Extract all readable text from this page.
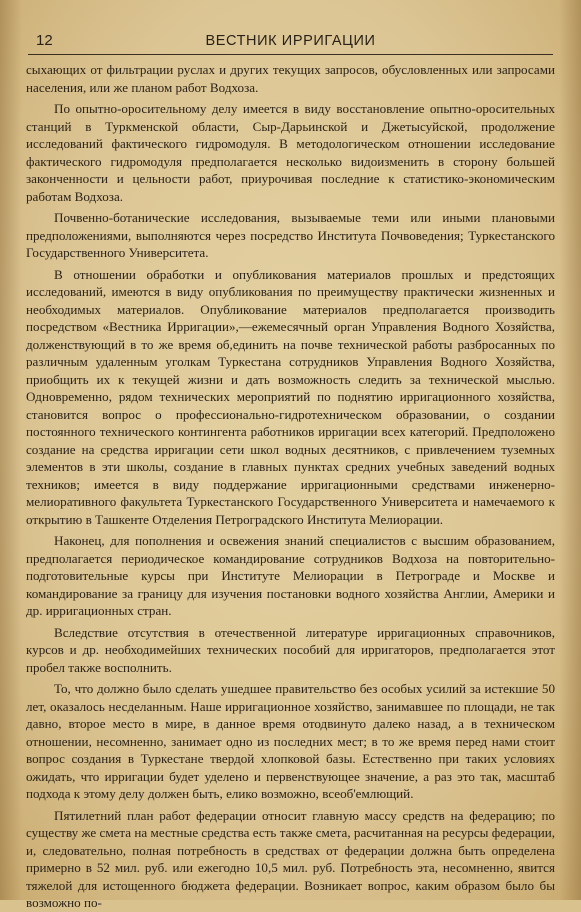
12	ВЕСТНИК ИРРИГАЦИИ

сыхающих от фильтрации руслах и других текущих запросов, обусловленных или запросами населения, или же планом работ Водхоза.

По опытно-оросительному делу имеется в виду восстановление опытно-оросительных станций в Туркменской области, Сыр-Дарьинской и Джетысуйской, продолжение исследований фактического гидромодуля. В методологическом отношении исследование фактического гидромодуля предполагается несколько видоизменить в сторону большей законченности и цельности работ, приурочивая последние к статистико-экономическим работам Водхоза.

Почвенно-ботанические исследования, вызываемые теми или иными плановыми предположениями, выполняются через посредство Института Почвоведения; Туркестанского Государственного Университета.

В отношении обработки и опубликования материалов прошлых и предстоящих исследований, имеются в виду опубликования по преимуществу практически жизненных и необходимых материалов. Опубликование материалов предполагается производить посредством «Вестника Ирригации»,—ежемесячный орган Управления Водного Хозяйства, долженствующий в то же время об,единить на почве технической работы разбросанных по различным удаленным уголкам Туркестана сотрудников Управления Водного Хозяйства, приобщить их к текущей жизни и дать возможность следить за технической мыслью. Одновременно, рядом технических мероприятий по поднятию ирригационного хозяйства, становится вопрос о профессионально-гидротехническом образовании, о создании постоянного технического контингента работников ирригации всех категорий. Предположено создание на средства ирригации сети школ водных десятников, с привлечением туземных элементов в эти школы, создание в главных пунктах средних учебных заведений водных техников; имеется в виду поддержание ирригационными средствами инженерно-мелиоративного факультета Туркестанского Государственного Университета и намечаемого к открытию в Ташкенте Отделения Петроградского Института Мелиорации.

Наконец, для пополнения и освежения знаний специалистов с высшим образованием, предполагается периодическое командирование сотрудников Водхоза на повторительно-подготовительные курсы при Институте Мелиорации в Петрограде и Москве и командирование за границу для изучения постановки водного хозяйства Англии, Америки и др. ирригационных стран.

Вследствие отсутствия в отечественной литературе ирригационных справочников, курсов и др. необходимейших технических пособий для ирригаторов, предполагается этот пробел также восполнить.

То, что должно было сделать ушедшее правительство без особых усилий за истекшие 50 лет, оказалось несделанным. Наше ирригационное хозяйство, занимавшее по площади, не так давно, второе место в мире, в данное время отодвинуто далеко назад, а в техническом отношении, несомненно, занимает одно из последних мест; в то же время перед нами стоит вопрос создания в Туркестане твердой хлопковой базы. Естественно при таких условиях ожидать, что ирригации будет уделено и первенствующее значение, а раз это так, масштаб подхода к этому делу должен быть, елико возможно, всеоб'емлющий.

Пятилетний план работ федерации относит главную массу средств на федерацию; по существу же смета на местные средства есть также смета, расчитанная на ресурсы федерации, и, следовательно, полная потребность в средствах от федерации должна быть определена примерно в 52 мил. руб. или ежегодно 10,5 мил. руб. Потребность эта, несомненно, явится тяжелой для истощенного бюджета федерации. Возникает вопрос, каким образом было бы возможно по-
